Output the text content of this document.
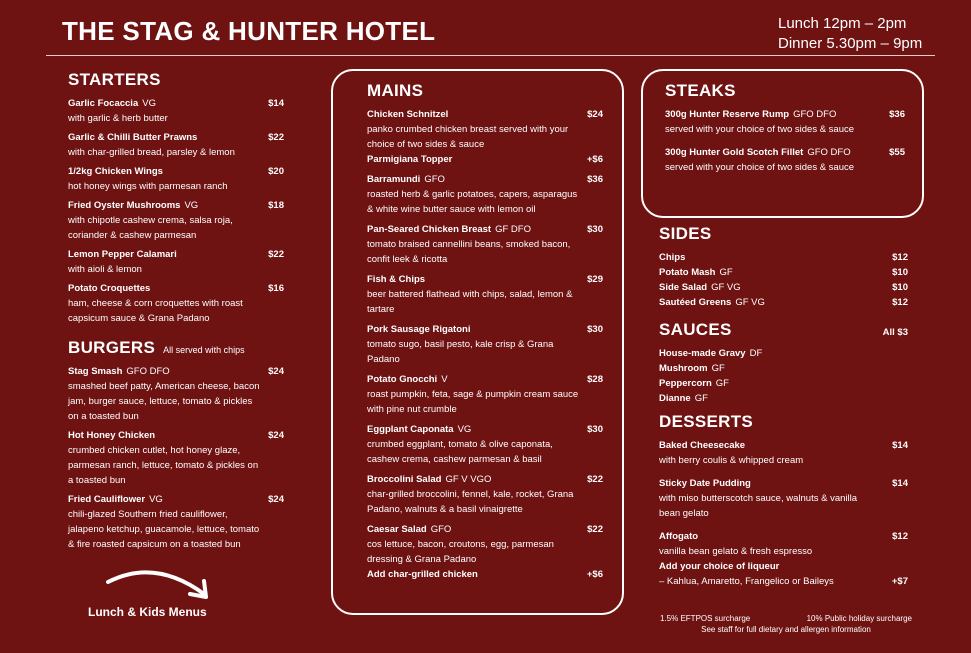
THE STAG & HUNTER HOTEL	Lunch 12pm – 2pm
Dinner 5.30pm – 9pm
STARTERS
Garlic Focaccia VG	$14
with garlic & herb butter
Garlic & Chilli Butter Prawns	$22
with char-grilled bread, parsley & lemon
1/2kg Chicken Wings	$20
hot honey wings with parmesan ranch
Fried Oyster Mushrooms VG	$18
with chipotle cashew crema, salsa roja, coriander & cashew parmesan
Lemon Pepper Calamari	$22
with aioli & lemon
Potato Croquettes	$16
ham, cheese & corn croquettes with roast capsicum sauce & Grana Padano
BURGERS All served with chips
Stag Smash GFO DFO	$24
smashed beef patty, American cheese, bacon jam, burger sauce, lettuce, tomato & pickles on a toasted bun
Hot Honey Chicken	$24
crumbed chicken cutlet, hot honey glaze, parmesan ranch, lettuce, tomato & pickles on a toasted bun
Fried Cauliflower VG	$24
chili-glazed Southern fried cauliflower, jalapeno ketchup, guacamole, lettuce, tomato & fire roasted capsicum on a toasted bun
Lunch & Kids Menus
MAINS
Chicken Schnitzel	$24
panko crumbed chicken breast served with your choice of two sides & sauce
Parmigiana Topper	+$6
Barramundi GFO	$36
roasted herb & garlic potatoes, capers, asparagus & white wine butter sauce with lemon oil
Pan-Seared Chicken Breast GF DFO	$30
tomato braised cannellini beans, smoked bacon, confit leek & ricotta
Fish & Chips	$29
beer battered flathead with chips, salad, lemon & tartare
Pork Sausage Rigatoni	$30
tomato sugo, basil pesto, kale crisp & Grana Padano
Potato Gnocchi V	$28
roast pumpkin, feta, sage & pumpkin cream sauce with pine nut crumble
Eggplant Caponata VG	$30
crumbed eggplant, tomato & olive caponata, cashew crema, cashew parmesan & basil
Broccolini Salad GF V VGO	$22
char-grilled broccolini, fennel, kale, rocket, Grana Padano, walnuts & a basil vinaigrette
Caesar Salad GFO	$22
cos lettuce, bacon, croutons, egg, parmesan dressing & Grana Padano
Add char-grilled chicken	+$6
STEAKS
300g Hunter Reserve Rump GFO DFO	$36
served with your choice of two sides & sauce
300g Hunter Gold Scotch Fillet GFO DFO	$55
served with your choice of two sides & sauce
SIDES
Chips	$12
Potato Mash GF	$10
Side Salad GF VG	$10
Sautéed Greens GF VG	$12
SAUCES	All $3
House-made Gravy DF
Mushroom GF
Peppercorn GF
Dianne GF
DESSERTS
Baked Cheesecake	$14
with berry coulis & whipped cream
Sticky Date Pudding	$14
with miso butterscotch sauce, walnuts & vanilla bean gelato
Affogato	$12
vanilla bean gelato & fresh espresso
Add your choice of liqueur
– Kahlua, Amaretto, Frangelico or Baileys	+$7
1.5% EFTPOS surcharge	10% Public holiday surcharge
See staff for full dietary and allergen information
